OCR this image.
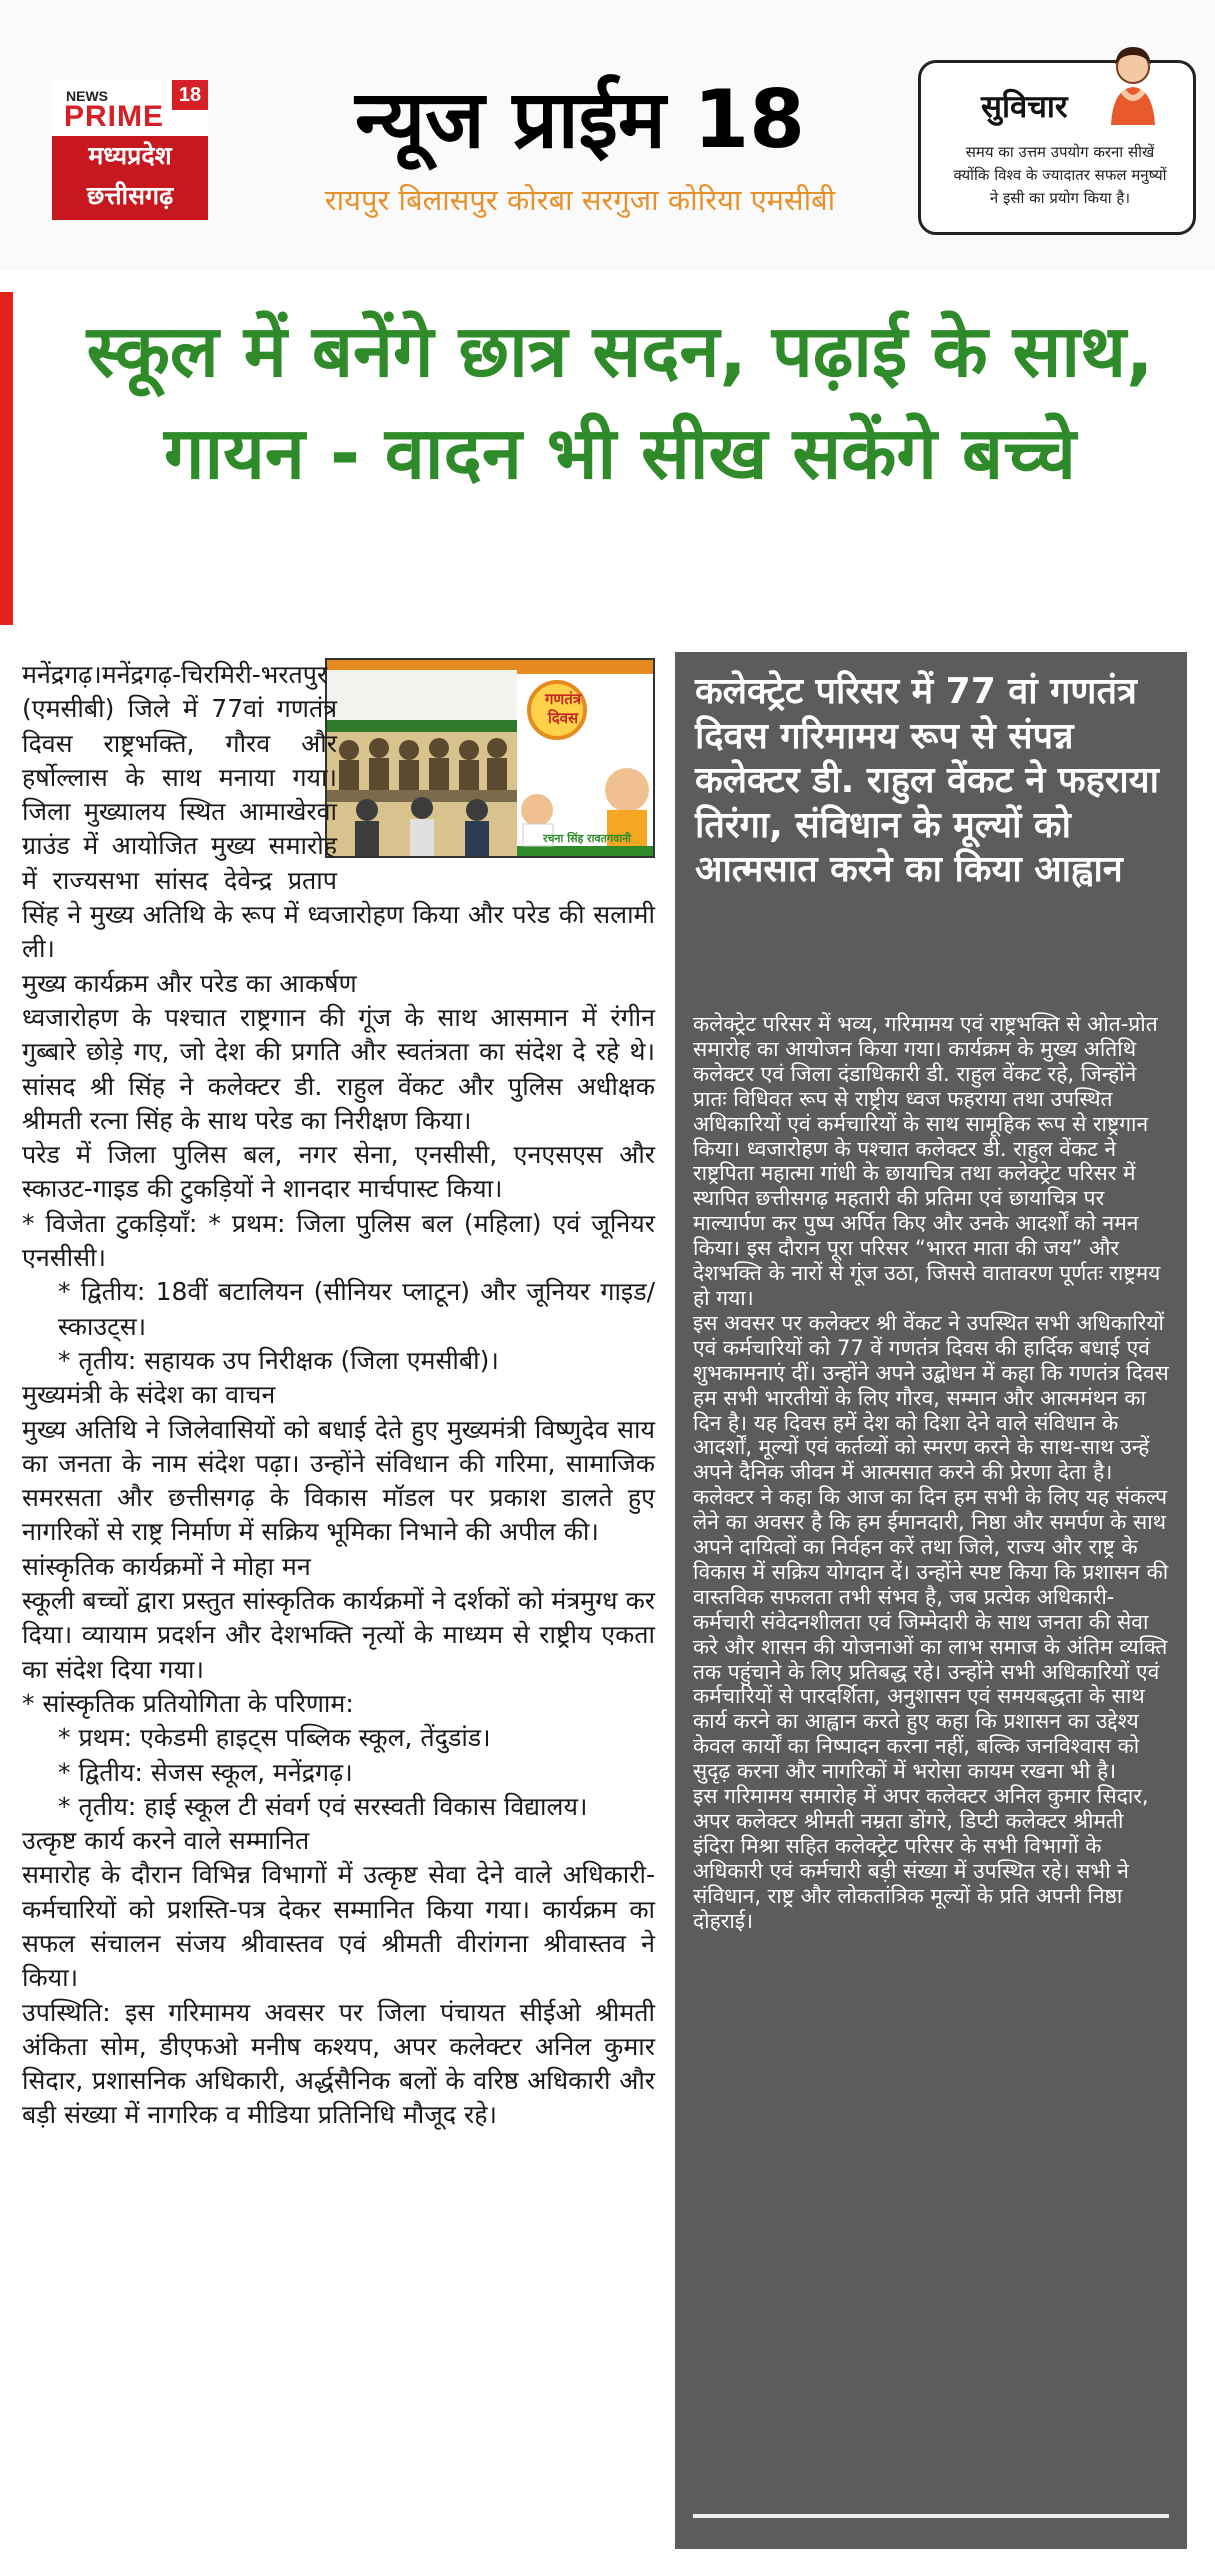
NEWS
PRIME
18
मध्यप्रदेश
छत्तीसगढ़
न्यूज प्राईम 18
रायपुर बिलासपुर कोरबा सरगुजा कोरिया एमसीबी
सुविचार
समय का उत्तम उपयोग करना सीखें क्योंकि विश्व के ज्यादातर सफल मनुष्यों ने इसी का प्रयोग किया है।
स्कूल में बनेंगे छात्र सदन, पढ़ाई के साथ, गायन - वादन भी सीख सकेंगे बच्चे
गणतंत्र
दिवस
रचना सिंह रावतगवानी

मनेंद्रगढ़।मनेंद्रगढ़-चिरमिरी-भरतपुर (एमसीबी) जिले में 77वां गणतंत्र दिवस राष्ट्रभक्ति, गौरव और हर्षोल्लास के साथ मनाया गया। जिला मुख्यालय स्थित आमाखेरवा ग्राउंड में आयोजित मुख्य समारोह में राज्यसभा सांसद देवेन्द्र प्रताप सिंह ने मुख्य अतिथि के रूप में ध्वजारोहण किया और परेड की सलामी ली।

मुख्य कार्यक्रम और परेड का आकर्षण

ध्वजारोहण के पश्चात राष्ट्रगान की गूंज के साथ आसमान में रंगीन गुब्बारे छोड़े गए, जो देश की प्रगति और स्वतंत्रता का संदेश दे रहे थे। सांसद श्री सिंह ने कलेक्टर डी. राहुल वेंकट और पुलिस अधीक्षक श्रीमती रत्ना सिंह के साथ परेड का निरीक्षण किया।

परेड में जिला पुलिस बल, नगर सेना, एनसीसी, एनएसएस और स्काउट-गाइड की टुकड़ियों ने शानदार मार्चपास्ट किया।

* विजेता टुकड़ियाँ: * प्रथम: जिला पुलिस बल (महिला) एवं जूनियर एनसीसी।

* द्वितीय: 18वीं बटालियन (सीनियर प्लाटून) और जूनियर गाइड/स्काउट्स।

* तृतीय: सहायक उप निरीक्षक (जिला एमसीबी)।

मुख्यमंत्री के संदेश का वाचन

मुख्य अतिथि ने जिलेवासियों को बधाई देते हुए मुख्यमंत्री विष्णुदेव साय का जनता के नाम संदेश पढ़ा। उन्होंने संविधान की गरिमा, सामाजिक समरसता और छत्तीसगढ़ के विकास मॉडल पर प्रकाश डालते हुए नागरिकों से राष्ट्र निर्माण में सक्रिय भूमिका निभाने की अपील की।

सांस्कृतिक कार्यक्रमों ने मोहा मन

स्कूली बच्चों द्वारा प्रस्तुत सांस्कृतिक कार्यक्रमों ने दर्शकों को मंत्रमुग्ध कर दिया। व्यायाम प्रदर्शन और देशभक्ति नृत्यों के माध्यम से राष्ट्रीय एकता का संदेश दिया गया।

* सांस्कृतिक प्रतियोगिता के परिणाम:

* प्रथम: एकेडमी हाइट्स पब्लिक स्कूल, तेंदुडांड।

* द्वितीय: सेजस स्कूल, मनेंद्रगढ़।

* तृतीय: हाई स्कूल टी संवर्ग एवं सरस्वती विकास विद्यालय।

उत्कृष्ट कार्य करने वाले सम्मानित

समारोह के दौरान विभिन्न विभागों में उत्कृष्ट सेवा देने वाले अधिकारी-कर्मचारियों को प्रशस्ति-पत्र देकर सम्मानित किया गया। कार्यक्रम का सफल संचालन संजय श्रीवास्तव एवं श्रीमती वीरांगना श्रीवास्तव ने किया।

उपस्थिति: इस गरिमामय अवसर पर जिला पंचायत सीईओ श्रीमती अंकिता सोम, डीएफओ मनीष कश्यप, अपर कलेक्टर अनिल कुमार सिदार, प्रशासनिक अधिकारी, अर्द्धसैनिक बलों के वरिष्ठ अधिकारी और बड़ी संख्या में नागरिक व मीडिया प्रतिनिधि मौजूद रहे।

कलेक्ट्रेट परिसर में 77 वां गणतंत्र दिवस गरिमामय रूप से संपन्न
कलेक्टर डी. राहुल वेंकट ने फहराया तिरंगा, संविधान के मूल्यों को आत्मसात करने का किया आह्वान

कलेक्ट्रेट परिसर में भव्य, गरिमामय एवं राष्ट्रभक्ति से ओत-प्रोत समारोह का आयोजन किया गया। कार्यक्रम के मुख्य अतिथि कलेक्टर एवं जिला दंडाधिकारी डी. राहुल वेंकट रहे, जिन्होंने प्रातः विधिवत रूप से राष्ट्रीय ध्वज फहराया तथा उपस्थित अधिकारियों एवं कर्मचारियों के साथ सामूहिक रूप से राष्ट्रगान किया। ध्वजारोहण के पश्चात कलेक्टर डी. राहुल वेंकट ने राष्ट्रपिता महात्मा गांधी के छायाचित्र तथा कलेक्ट्रेट परिसर में स्थापित छत्तीसगढ़ महतारी की प्रतिमा एवं छायाचित्र पर माल्यार्पण कर पुष्प अर्पित किए और उनके आदर्शों को नमन किया। इस दौरान पूरा परिसर “भारत माता की जय” और देशभक्ति के नारों से गूंज उठा, जिससे वातावरण पूर्णतः राष्ट्रमय हो गया।

इस अवसर पर कलेक्टर श्री वेंकट ने उपस्थित सभी अधिकारियों एवं कर्मचारियों को 77 वें गणतंत्र दिवस की हार्दिक बधाई एवं शुभकामनाएं दीं। उन्होंने अपने उद्बोधन में कहा कि गणतंत्र दिवस हम सभी भारतीयों के लिए गौरव, सम्मान और आत्ममंथन का दिन है। यह दिवस हमें देश को दिशा देने वाले संविधान के आदर्शों, मूल्यों एवं कर्तव्यों को स्मरण करने के साथ-साथ उन्हें अपने दैनिक जीवन में आत्मसात करने की प्रेरणा देता है। कलेक्टर ने कहा कि आज का दिन हम सभी के लिए यह संकल्प लेने का अवसर है कि हम ईमानदारी, निष्ठा और समर्पण के साथ अपने दायित्वों का निर्वहन करें तथा जिले, राज्य और राष्ट्र के विकास में सक्रिय योगदान दें। उन्होंने स्पष्ट किया कि प्रशासन की वास्तविक सफलता तभी संभव है, जब प्रत्येक अधिकारी-कर्मचारी संवेदनशीलता एवं जिम्मेदारी के साथ जनता की सेवा करे और शासन की योजनाओं का लाभ समाज के अंतिम व्यक्ति तक पहुंचाने के लिए प्रतिबद्ध रहे। उन्होंने सभी अधिकारियों एवं कर्मचारियों से पारदर्शिता, अनुशासन एवं समयबद्धता के साथ कार्य करने का आह्वान करते हुए कहा कि प्रशासन का उद्देश्य केवल कार्यों का निष्पादन करना नहीं, बल्कि जनविश्वास को सुदृढ़ करना और नागरिकों में भरोसा कायम रखना भी है।

इस गरिमामय समारोह में अपर कलेक्टर अनिल कुमार सिदार, अपर कलेक्टर श्रीमती नम्रता डोंगरे, डिप्टी कलेक्टर श्रीमती इंदिरा मिश्रा सहित कलेक्ट्रेट परिसर के सभी विभागों के अधिकारी एवं कर्मचारी बड़ी संख्या में उपस्थित रहे। सभी ने संविधान, राष्ट्र और लोकतांत्रिक मूल्यों के प्रति अपनी निष्ठा दोहराई।
